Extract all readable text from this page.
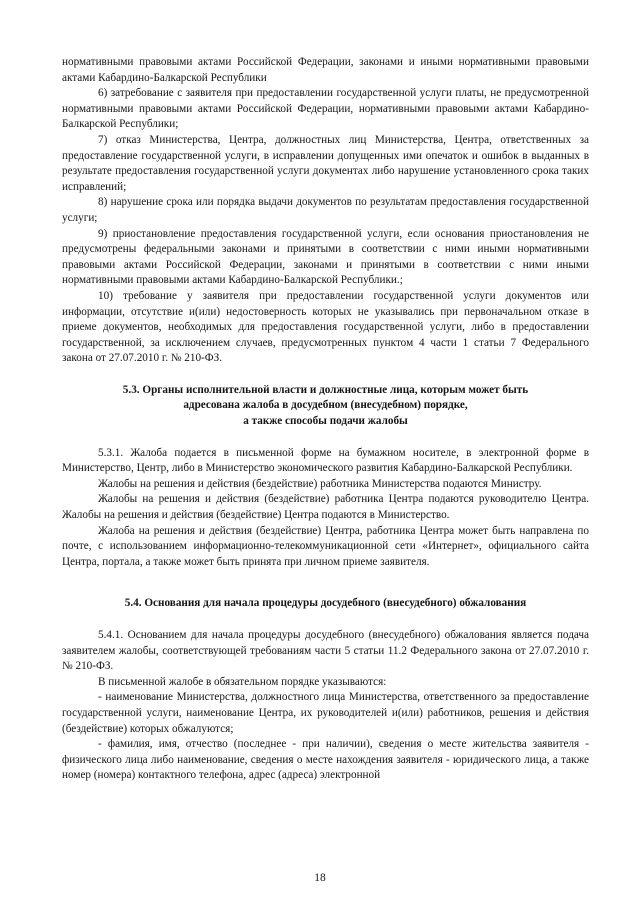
нормативными правовыми актами Российской Федерации, законами и иными нормативными правовыми актами Кабардино-Балкарской Республики

6) затребование с заявителя при предоставлении государственной услуги платы, не предусмотренной нормативными правовыми актами Российской Федерации, нормативными правовыми актами Кабардино-Балкарской Республики;

7) отказ Министерства, Центра, должностных лиц Министерства, Центра, ответственных за предоставление государственной услуги, в исправлении допущенных ими опечаток и ошибок в выданных в результате предоставления государственной услуги документах либо нарушение установленного срока таких исправлений;

8) нарушение срока или порядка выдачи документов по результатам предоставления государственной услуги;

9) приостановление предоставления государственной услуги, если основания приостановления не предусмотрены федеральными законами и принятыми в соответствии с ними иными нормативными правовыми актами Российской Федерации, законами и принятыми в соответствии с ними иными нормативными правовыми актами Кабардино-Балкарской Республики.;

10) требование у заявителя при предоставлении государственной услуги документов или информации, отсутствие и(или) недостоверность которых не указывались при первоначальном отказе в приеме документов, необходимых для предоставления государственной услуги, либо в предоставлении государственной, за исключением случаев, предусмотренных пунктом 4 части 1 статьи 7 Федерального закона от 27.07.2010 г. № 210-ФЗ.

5.3. Органы исполнительной власти и должностные лица, которым может быть

адресована жалоба в досудебном (внесудебном) порядке,

а также способы подачи жалобы

5.3.1. Жалоба подается в письменной форме на бумажном носителе, в электронной форме в Министерство, Центр, либо в Министерство экономического развития Кабардино-Балкарской Республики.

Жалобы на решения и действия (бездействие) работника Министерства подаются Министру.

Жалобы на решения и действия (бездействие) работника Центра подаются руководителю Центра. Жалобы на решения и действия (бездействие) Центра подаются в Министерство.

Жалоба на решения и действия (бездействие) Центра, работника Центра может быть направлена по почте, с использованием информационно-телекоммуникационной сети «Интернет», официального сайта Центра, портала, а также может быть принята при личном приеме заявителя.

5.4. Основания для начала процедуры досудебного (внесудебного) обжалования

5.4.1. Основанием для начала процедуры досудебного (внесудебного) обжалования является подача заявителем жалобы, соответствующей требованиям части 5 статьи 11.2 Федерального закона от 27.07.2010 г. № 210-ФЗ.

В письменной жалобе в обязательном порядке указываются:

- наименование Министерства, должностного лица Министерства, ответственного за предоставление государственной услуги, наименование Центра, их руководителей и(или) работников, решения и действия (бездействие) которых обжалуются;

- фамилия, имя, отчество (последнее - при наличии), сведения о месте жительства заявителя - физического лица либо наименование, сведения о месте нахождения заявителя - юридического лица, а также номер (номера) контактного телефона, адрес (адреса) электронной

18
